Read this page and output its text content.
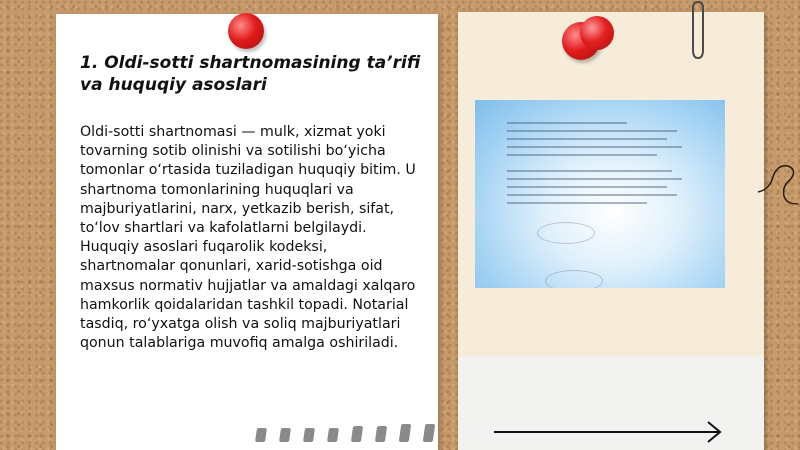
1. Oldi-sotti shartnomasining ta’rifi va huquqiy asoslari
Oldi-sotti shartnomasi — mulk, xizmat yoki tovarning sotib olinishi va sotilishi bo‘yicha tomonlar o‘rtasida tuziladigan huquqiy bitim. U shartnoma tomonlarining huquqlari va majburiyatlarini, narx, yetkazib berish, sifat, to‘lov shartlari va kafolatlarni belgilaydi. Huquqiy asoslari fuqarolik kodeksi, shartnomalar qonunlari, xarid-sotishga oid maxsus normativ hujjatlar va amaldagi xalqaro hamkorlik qoidalaridan tashkil topadi. Notarial tasdiq, ro‘yxatga olish va soliq majburiyatlari qonun talablariga muvofiq amalga oshiriladi.
